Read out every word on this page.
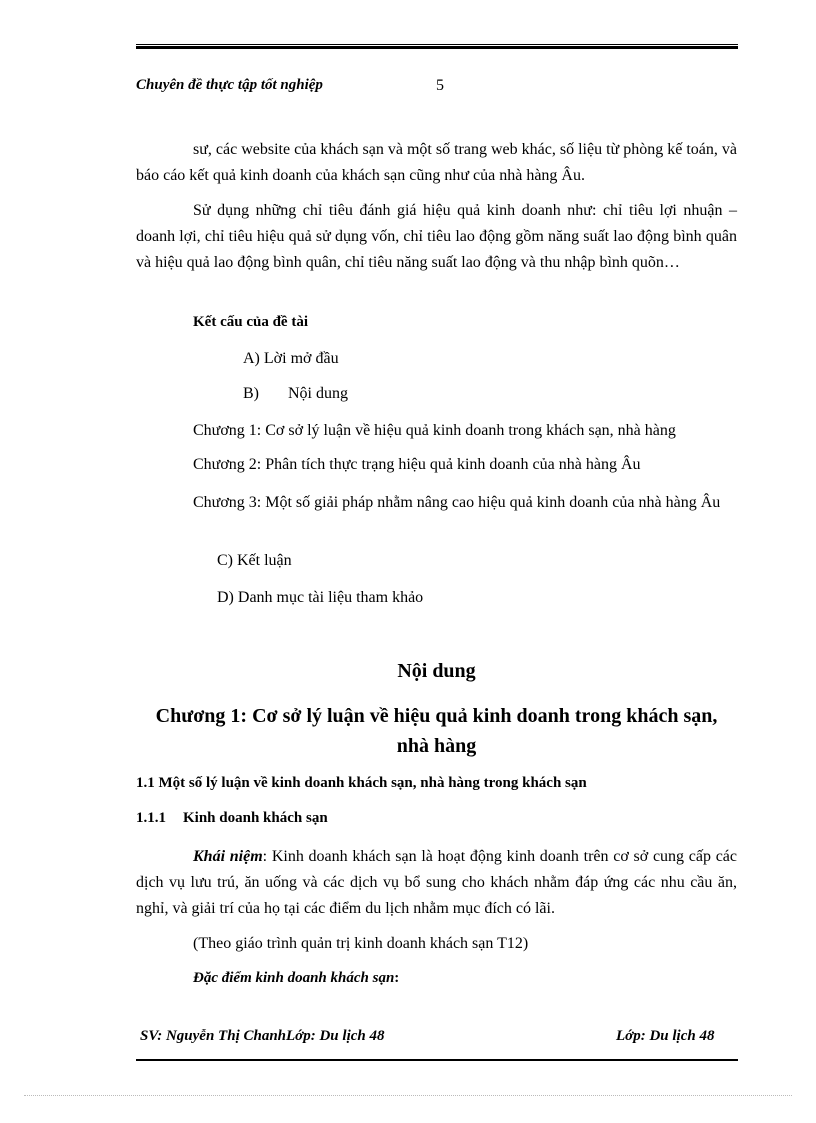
Chuyên đề thực tập tốt nghiệp	5

sư, các website của khách sạn và một số trang web khác, số liệu từ phòng kế toán, và báo cáo kết quả kinh doanh của khách sạn cũng như của nhà hàng Âu.

Sử dụng những chỉ tiêu đánh giá hiệu quả kinh doanh như: chỉ tiêu lợi nhuận – doanh lợi, chỉ tiêu hiệu quả sử dụng vốn, chỉ tiêu lao động gồm năng suất lao động bình quân và hiệu quả lao động bình quân, chỉ tiêu năng suất lao động và thu nhập bình quõn…

Kết cấu của đề tài
A) Lời mở đầu
B) Nội dung
Chương 1: Cơ sở lý luận về hiệu quả kinh doanh trong khách sạn, nhà hàng
Chương 2: Phân tích thực trạng hiệu quả kinh doanh của nhà hàng Âu

Chương 3: Một số giải pháp nhằm nâng cao hiệu quả kinh doanh của nhà hàng Âu

C) Kết luận
D) Danh mục tài liệu tham khảo
Nội dung
Chương 1: Cơ sở lý luận về hiệu quả kinh doanh trong khách sạn, nhà hàng
1.1 Một số lý luận về kinh doanh khách sạn, nhà hàng trong khách sạn
1.1.1 Kinh doanh khách sạn

Khái niệm: Kinh doanh khách sạn là hoạt động kinh doanh trên cơ sở cung cấp các dịch vụ lưu trú, ăn uống và các dịch vụ bổ sung cho khách nhằm đáp ứng các nhu cầu ăn, nghỉ, và giải trí của họ tại các điểm du lịch nhằm mục đích có lãi.

(Theo giáo trình quản trị kinh doanh khách sạn T12)
Đặc điểm kinh doanh khách sạn:
SV: Nguyễn Thị ChanhLớp: Du lịch 48	Lớp: Du lịch 48
